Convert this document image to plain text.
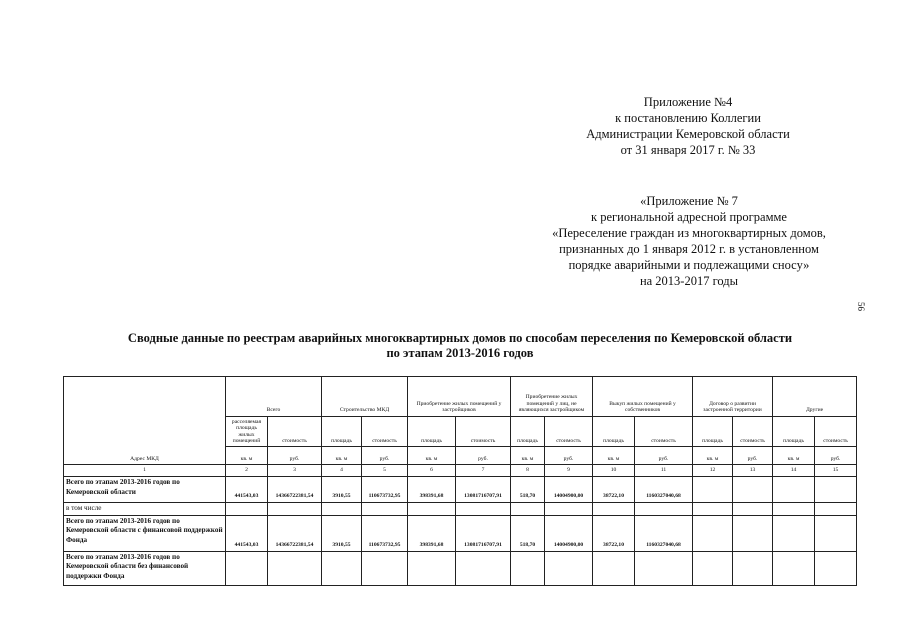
Приложение №4
к постановлению Коллегии
Администрации Кемеровской области
от 31 января 2017 г. № 33
«Приложение № 7
к региональной адресной программе
«Переселение граждан из многоквартирных домов,
признанных до 1 января 2012 г. в установленном
порядке аварийными и подлежащими сносу»
на 2013-2017 годы
56
Сводные данные по реестрам аварийных многоквартирных домов по способам переселения по Кемеровской области
по этапам 2013-2016 годов
Адрес МКД	Всего		Строительство МКД		Приобретение жилых помещений у застройщиков		Приобретение жилых помещений у лиц, не являющихся застройщиком		Выкуп жилых помещений у собственников		Договор о развитии застроенной территории		Другие	
	расселяемая площадь жилых помещений	стоимость	площадь	стоимость	площадь	стоимость	площадь	стоимость	площадь	стоимость	площадь	стоимость	площадь	стоимость
	кв. м	руб.	кв. м	руб.	кв. м	руб.	кв. м	руб.	кв. м	руб.	кв. м	руб.	кв. м	руб.
1	2	3	4	5	6	7	8	9	10	11	12	13	14	15
Всего по этапам 2013-2016 годов по Кемеровской области	441543,03	14366722381,54	3910,55	110673732,95	398391,68	13081716707,91	518,70	14004900,00	38722,10	1160327040,68				
в том числе														
Всего по этапам 2013-2016 годов по Кемеровской области с финансовой поддержкой Фонда	441543,03	14366722381,54	3910,55	110673732,95	398391,68	13081716707,91	518,70	14004900,00	38722,10	1160327040,68				
Всего по этапам 2013-2016 годов по Кемеровской области без финансовой поддержки Фонда														
